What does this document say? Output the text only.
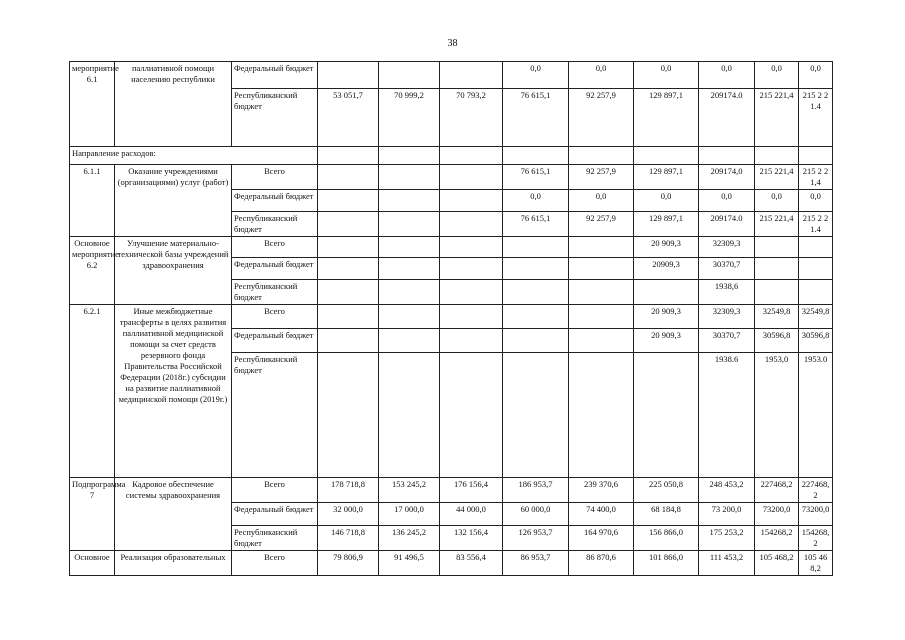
38
мероприятие 6.1	паллиативной помощи населению республики	Федеральный бюджет				0,0	0,0	0,0	0,0	0,0	0,0
		Республиканский бюджет	53 051,7	70 999,2	70 793,2	76 615,1	92 257,9	129 897,1	209174.0	215 221,4	215 2 21.4
Направление расходов:											
6.1.1	Оказание учреждениями (организациями) услуг (работ)	Всего				76 615,1	92 257,9	129 897,1	209174,0	215 221,4	215 2 21,4
		Федеральный бюджет				0,0	0,0	0,0	0,0	0,0	0,0
		Республиканский бюджет				76 615,1	92 257,9	129 897,1	209174.0	215 221,4	215 2 21.4
Основное мероприятие 6.2	Улучшение материально-технической базы учреждений здравоохранения	Всего						20 909,3	32309,3		
		Федеральный бюджет						20909,3	30370,7		
		Республиканский бюджет							1938,6		
6.2.1	Иные межбюджетные трансферты в целях развития паллиативной медицинской помощи за счет средств резервного фонда Правительства Российской Федерации (2018г.) субсидии на развитие паллиативной медицинской помощи (2019г.)	Всего						20 909,3	32309,3	32549,8	32549,8
		Федеральный бюджет						20 909,3	30370,7	30596,8	30596,8
		Республиканский бюджет							1938.6	1953,0	1953.0
Подпрограмма 7	Кадровое обеспечение системы здравоохранения	Всего	178 718,8	153 245,2	176 156,4	186 953,7	239 370,6	225 050,8	248 453,2	227468,2	227468,2
		Федеральный бюджет	32 000,0	17 000,0	44 000,0	60 000,0	74 400,0	68 184,8	73 200,0	73200,0	73200,0
		Республиканский бюджет	146 718,8	136 245,2	132 156,4	126 953,7	164 970,6	156 866,0	175 253,2	154268,2	154268,2
Основное	Реализация образовательных	Всего	79 806,9	91 496,5	83 556,4	86 953,7	86 870,6	101 866,0	111 453,2	105 468,2	105 468,2
